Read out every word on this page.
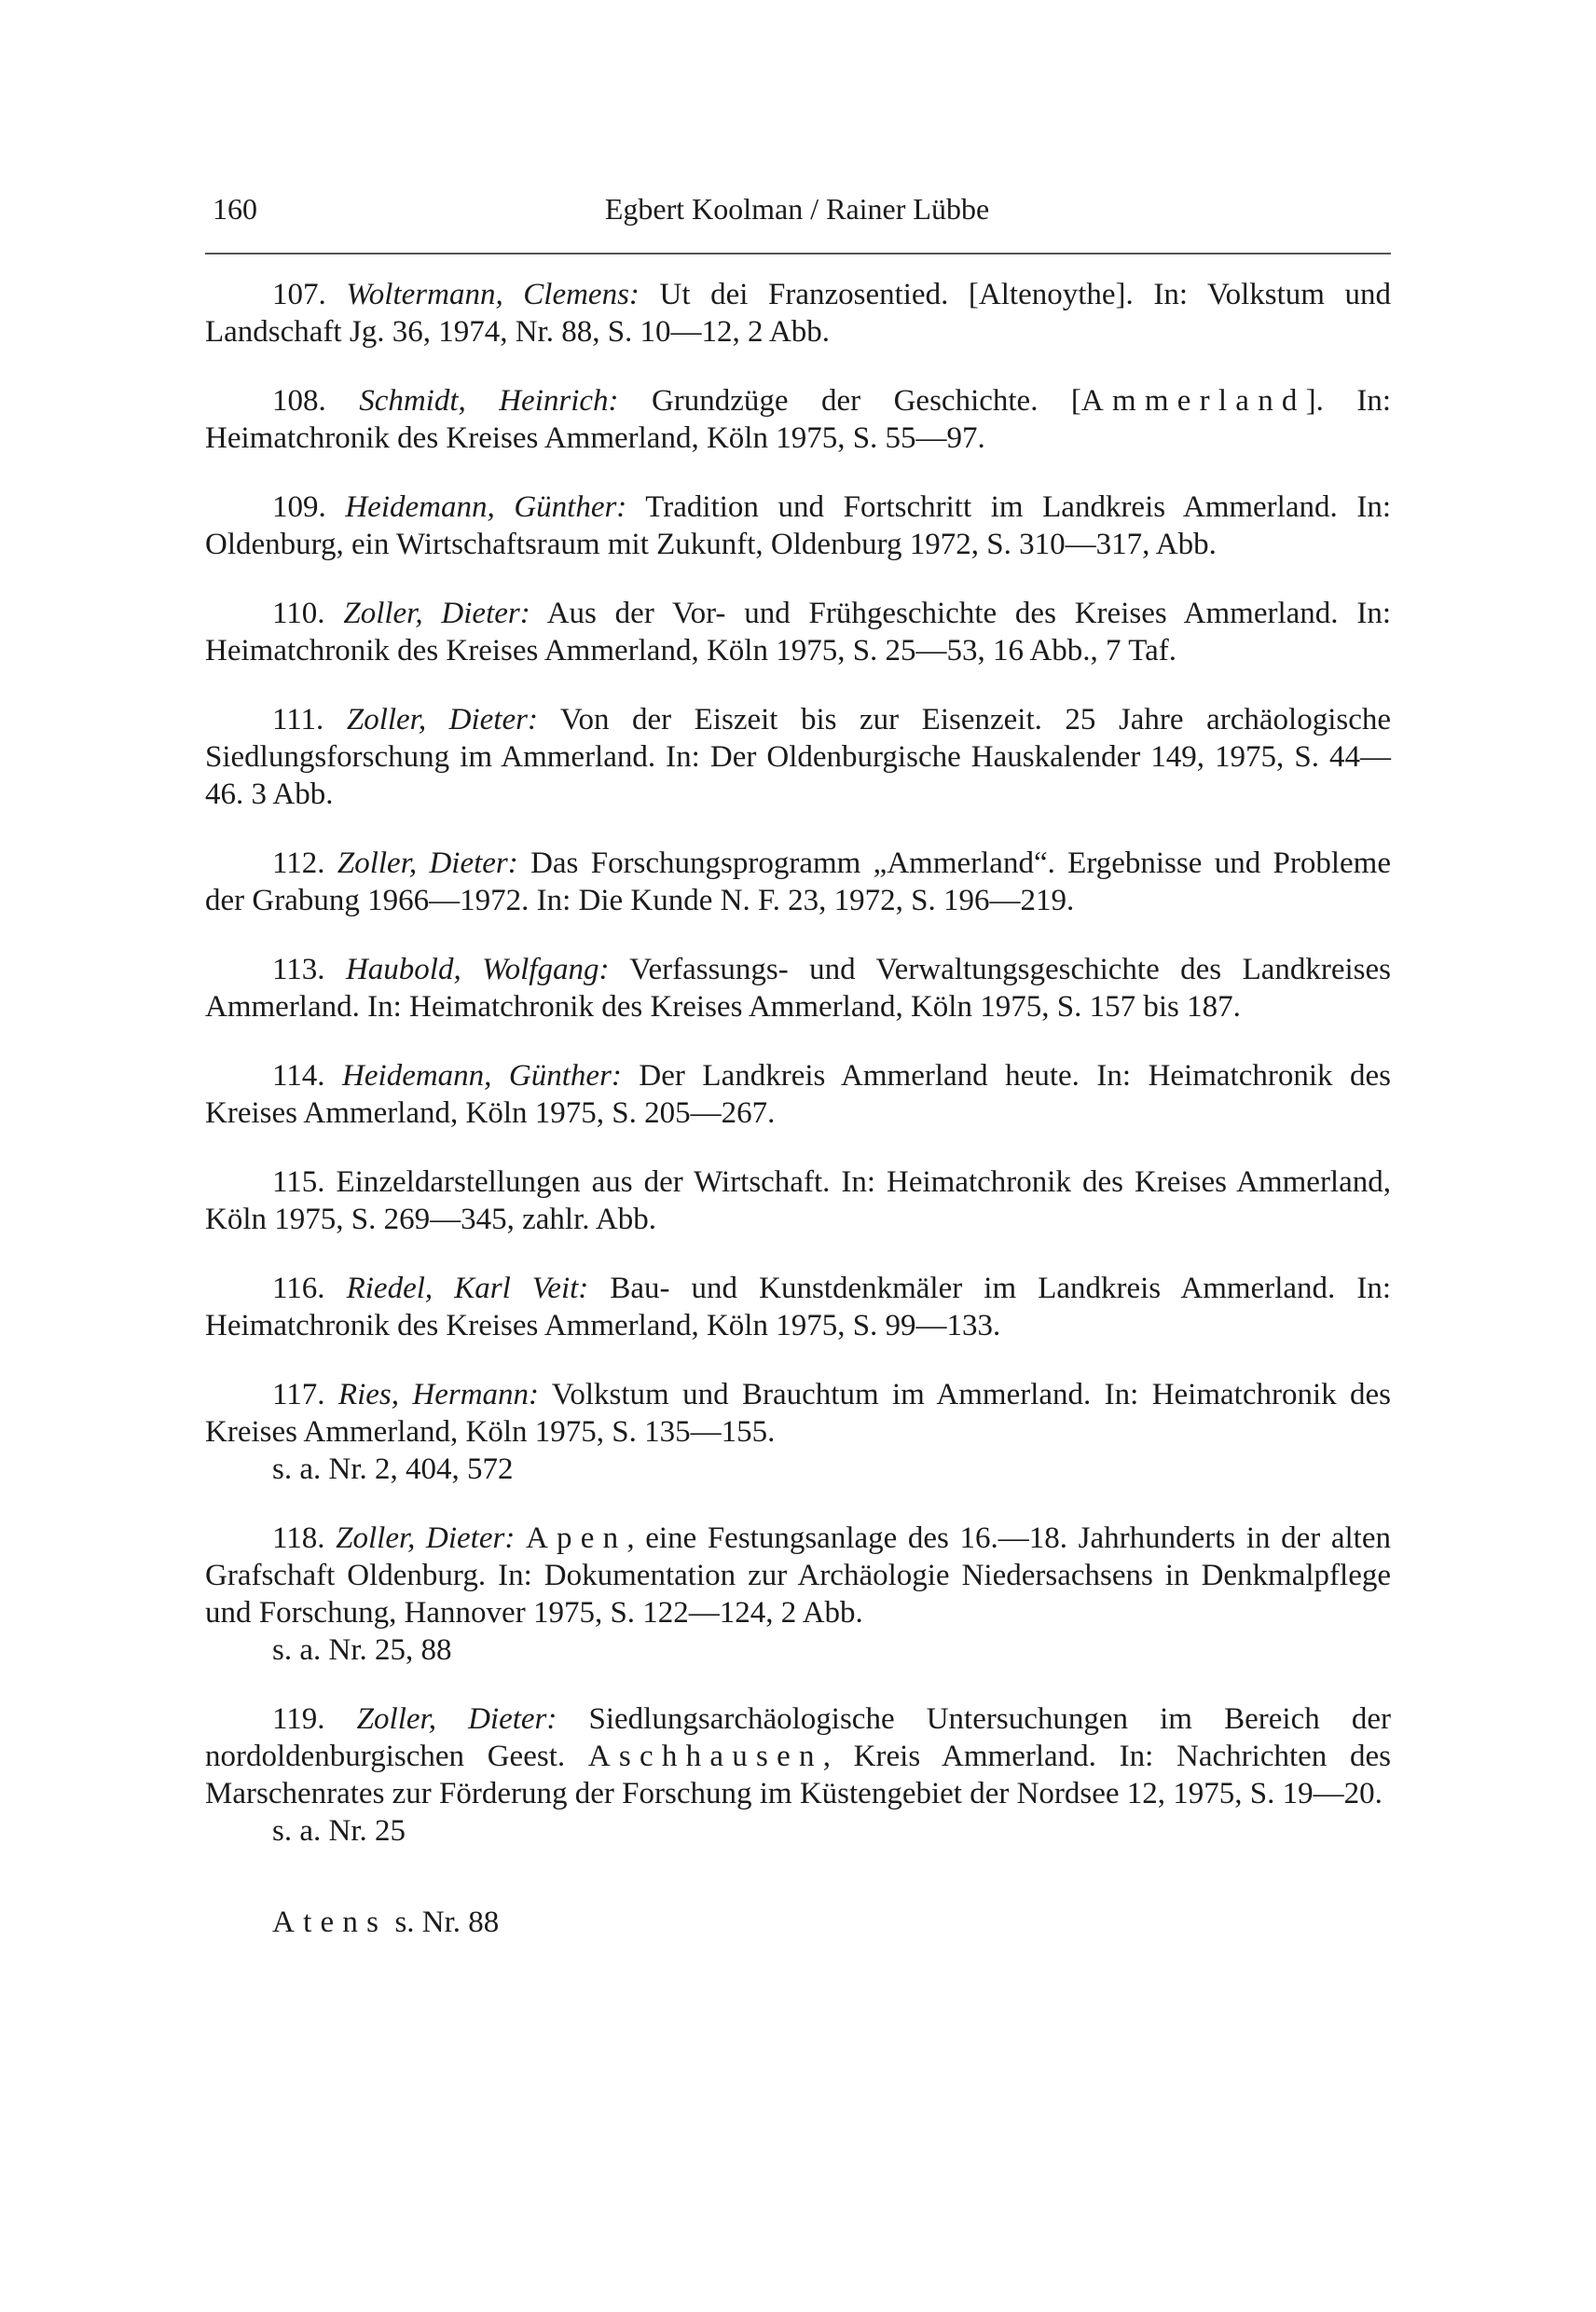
160	Egbert Koolman / Rainer Lübbe

107. Woltermann, Clemens: Ut dei Franzosentied. [Altenoythe]. In: Volkstum und Landschaft Jg. 36, 1974, Nr. 88, S. 10—12, 2 Abb.

108. Schmidt, Heinrich: Grundzüge der Geschichte. [Ammerland]. In: Heimatchronik des Kreises Ammerland, Köln 1975, S. 55—97.

109. Heidemann, Günther: Tradition und Fortschritt im Landkreis Ammerland. In: Oldenburg, ein Wirtschaftsraum mit Zukunft, Oldenburg 1972, S. 310—317, Abb.

110. Zoller, Dieter: Aus der Vor- und Frühgeschichte des Kreises Ammerland. In: Heimatchronik des Kreises Ammerland, Köln 1975, S. 25—53, 16 Abb., 7 Taf.

111. Zoller, Dieter: Von der Eiszeit bis zur Eisenzeit. 25 Jahre archäologische Siedlungsforschung im Ammerland. In: Der Oldenburgische Hauskalender 149, 1975, S. 44—46. 3 Abb.

112. Zoller, Dieter: Das Forschungsprogramm „Ammerland“. Ergebnisse und Probleme der Grabung 1966—1972. In: Die Kunde N. F. 23, 1972, S. 196—219.

113. Haubold, Wolfgang: Verfassungs- und Verwaltungsgeschichte des Landkreises Ammerland. In: Heimatchronik des Kreises Ammerland, Köln 1975, S. 157 bis 187.

114. Heidemann, Günther: Der Landkreis Ammerland heute. In: Heimatchronik des Kreises Ammerland, Köln 1975, S. 205—267.

115. Einzeldarstellungen aus der Wirtschaft. In: Heimatchronik des Kreises Ammerland, Köln 1975, S. 269—345, zahlr. Abb.

116. Riedel, Karl Veit: Bau- und Kunstdenkmäler im Landkreis Ammerland. In: Heimatchronik des Kreises Ammerland, Köln 1975, S. 99—133.

117. Ries, Hermann: Volkstum und Brauchtum im Ammerland. In: Heimatchronik des Kreises Ammerland, Köln 1975, S. 135—155.

s. a. Nr. 2, 404, 572

118. Zoller, Dieter: Apen, eine Festungsanlage des 16.—18. Jahrhunderts in der alten Grafschaft Oldenburg. In: Dokumentation zur Archäologie Niedersachsens in Denkmalpflege und Forschung, Hannover 1975, S. 122—124, 2 Abb.

s. a. Nr. 25, 88

119. Zoller, Dieter: Siedlungsarchäologische Untersuchungen im Bereich der nordoldenburgischen Geest. Aschhausen, Kreis Ammerland. In: Nachrichten des Marschenrates zur Förderung der Forschung im Küstengebiet der Nordsee 12, 1975, S. 19—20.

s. a. Nr. 25

Atens s. Nr. 88
